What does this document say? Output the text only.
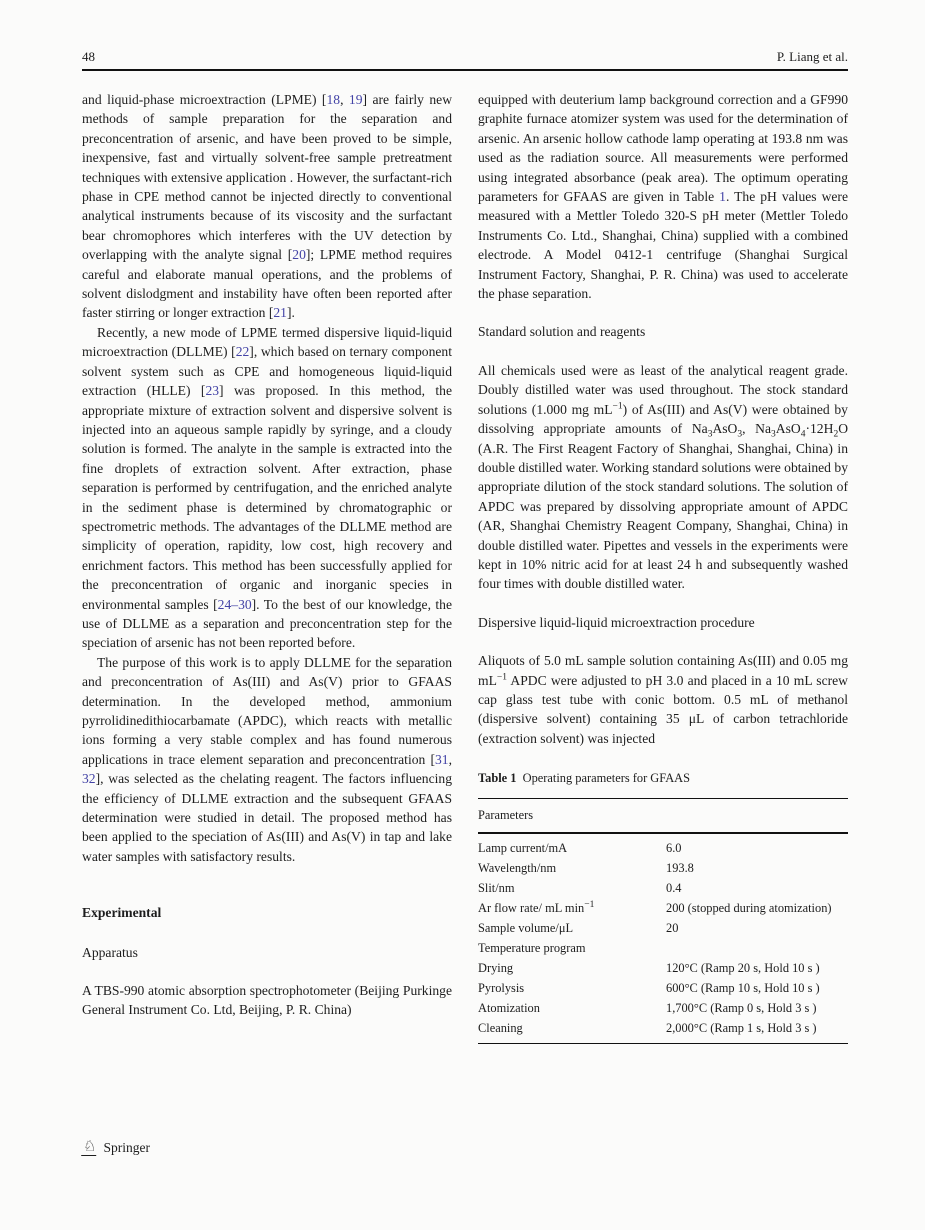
48	P. Liang et al.

and liquid-phase microextraction (LPME) [18, 19] are fairly new methods of sample preparation for the separation and preconcentration of arsenic, and have been proved to be simple, inexpensive, fast and virtually solvent-free sample pretreatment techniques with extensive application . However, the surfactant-rich phase in CPE method cannot be injected directly to conventional analytical instruments because of its viscosity and the surfactant bear chromophores which interferes with the UV detection by overlapping with the analyte signal [20]; LPME method requires careful and elaborate manual operations, and the problems of solvent dislodgment and instability have often been reported after faster stirring or longer extraction [21].

Recently, a new mode of LPME termed dispersive liquid-liquid microextraction (DLLME) [22], which based on ternary component solvent system such as CPE and homogeneous liquid-liquid extraction (HLLE) [23] was proposed. In this method, the appropriate mixture of extraction solvent and dispersive solvent is injected into an aqueous sample rapidly by syringe, and a cloudy solution is formed. The analyte in the sample is extracted into the fine droplets of extraction solvent. After extraction, phase separation is performed by centrifugation, and the enriched analyte in the sediment phase is determined by chromatographic or spectrometric methods. The advantages of the DLLME method are simplicity of operation, rapidity, low cost, high recovery and enrichment factors. This method has been successfully applied for the preconcentration of organic and inorganic species in environmental samples [24–30]. To the best of our knowledge, the use of DLLME as a separation and preconcentration step for the speciation of arsenic has not been reported before.

The purpose of this work is to apply DLLME for the separation and preconcentration of As(III) and As(V) prior to GFAAS determination. In the developed method, ammonium pyrrolidinedithiocarbamate (APDC), which reacts with metallic ions forming a very stable complex and has found numerous applications in trace element separation and preconcentration [31, 32], was selected as the chelating reagent. The factors influencing the efficiency of DLLME extraction and the subsequent GFAAS determination were studied in detail. The proposed method has been applied to the speciation of As(III) and As(V) in tap and lake water samples with satisfactory results.

Experimental
Apparatus

A TBS-990 atomic absorption spectrophotometer (Beijing Purkinge General Instrument Co. Ltd, Beijing, P. R. China)

equipped with deuterium lamp background correction and a GF990 graphite furnace atomizer system was used for the determination of arsenic. An arsenic hollow cathode lamp operating at 193.8 nm was used as the radiation source. All measurements were performed using integrated absorbance (peak area). The optimum operating parameters for GFAAS are given in Table 1. The pH values were measured with a Mettler Toledo 320-S pH meter (Mettler Toledo Instruments Co. Ltd., Shanghai, China) supplied with a combined electrode. A Model 0412-1 centrifuge (Shanghai Surgical Instrument Factory, Shanghai, P. R. China) was used to accelerate the phase separation.

Standard solution and reagents

All chemicals used were as least of the analytical reagent grade. Doubly distilled water was used throughout. The stock standard solutions (1.000 mg $mL^{-1}$) of As(III) and As(V) were obtained by dissolving appropriate amounts of $Na_3AsO_3$, $Na_3AsO_4\cdot 12H_2O$ (A.R. The First Reagent Factory of Shanghai, Shanghai, China) in double distilled water. Working standard solutions were obtained by appropriate dilution of the stock standard solutions. The solution of APDC was prepared by dissolving appropriate amount of APDC (AR, Shanghai Chemistry Reagent Company, Shanghai, China) in double distilled water. Pipettes and vessels in the experiments were kept in 10% nitric acid for at least 24 h and subsequently washed four times with double distilled water.

Dispersive liquid-liquid microextraction procedure

Aliquots of 5.0 mL sample solution containing As(III) and 0.05 mg $mL^{-1}$ APDC were adjusted to pH 3.0 and placed in a 10 mL screw cap glass test tube with conic bottom. 0.5 mL of methanol (dispersive solvent) containing 35 μL of carbon tetrachloride (extraction solvent) was injected

Table 1 Operating parameters for GFAAS

Parameters
Lamp current/mA	6.0
Wavelength/nm	193.8
Slit/nm	0.4
Ar flow rate/ mL $\min^{-1}$	200 (stopped during atomization)
Sample volume/μL	20
Temperature program
Drying	120°C (Ramp 20 s, Hold 10 s )
Pyrolysis	600°C (Ramp 10 s, Hold 10 s )
Atomization	1,700°C (Ramp 0 s, Hold 3 s )
Cleaning	2,000°C (Ramp 1 s, Hold 3 s )
♘ Springer
